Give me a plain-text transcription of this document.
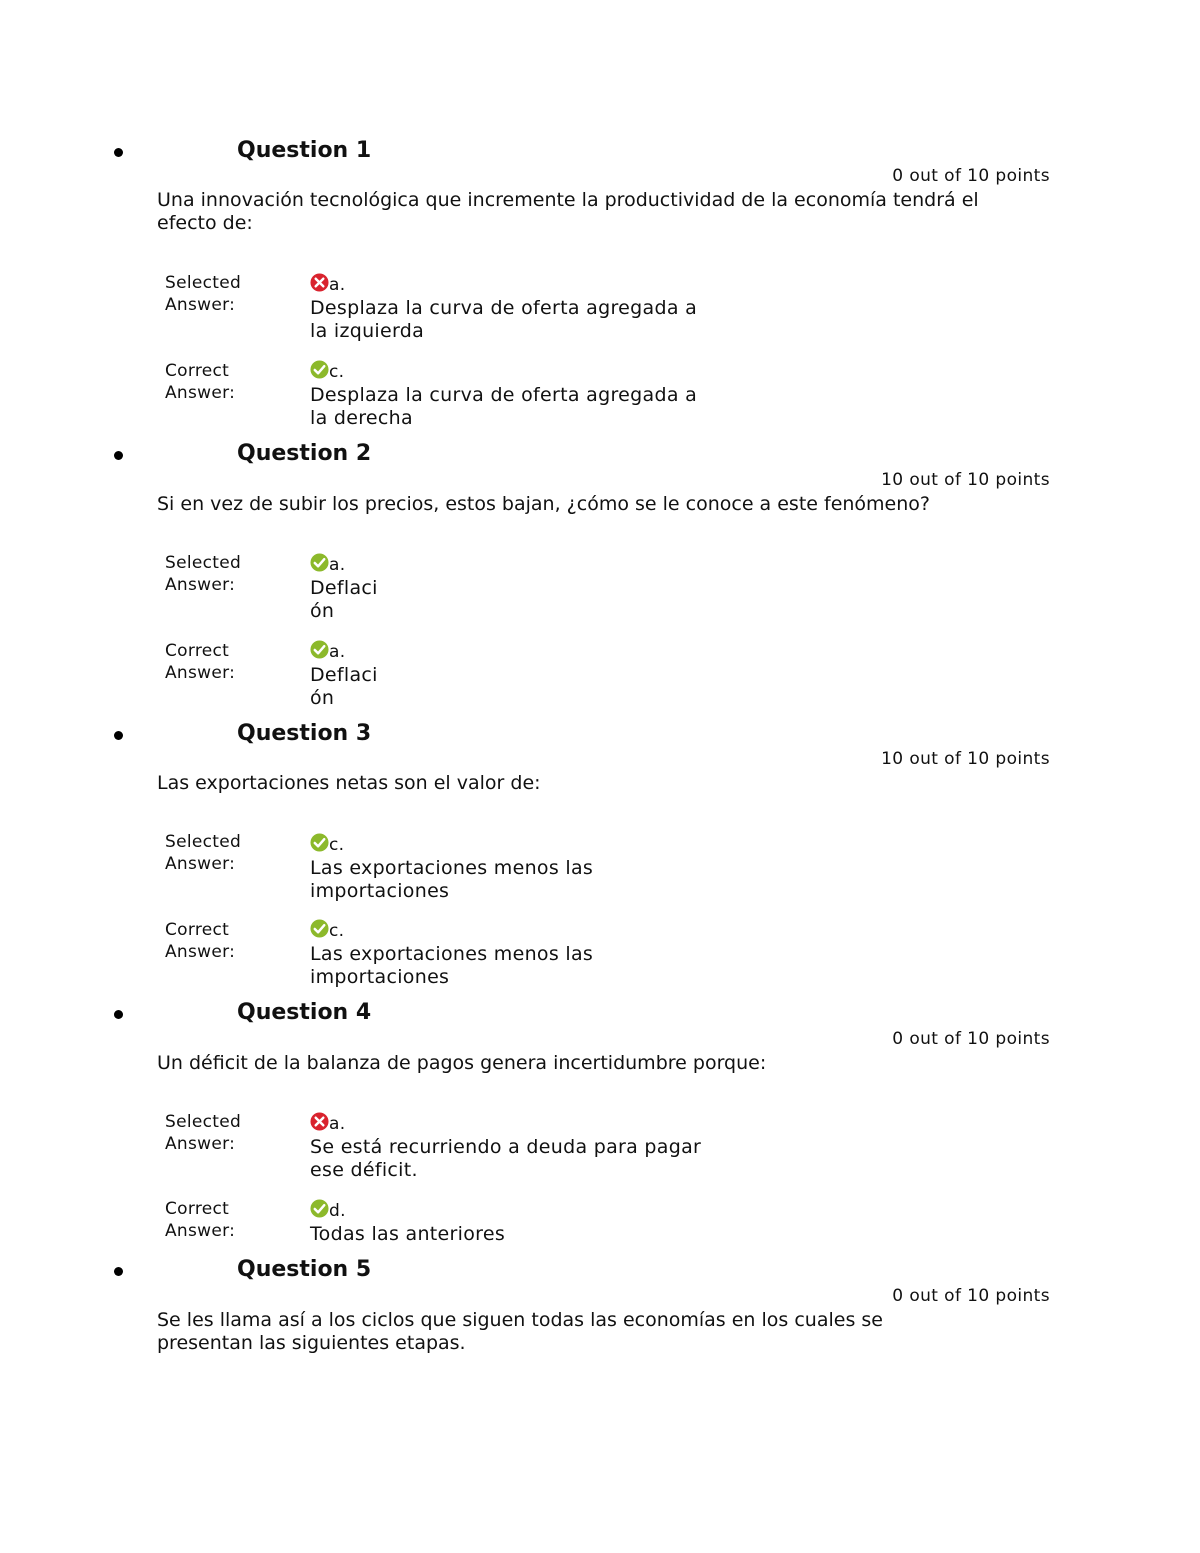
Question 1
0 out of 10 points
Una innovación tecnológica que incremente la productividad de la economía tendrá el efecto de:
Selected
Answer:
a.
Desplaza la curva de oferta agregada a la izquierda
Correct
Answer:
c.
Desplaza la curva de oferta agregada a la derecha
Question 2
10 out of 10 points
Si en vez de subir los precios, estos bajan, ¿cómo se le conoce a este fenómeno?
Selected
Answer:
a.
Deflación
Correct
Answer:
a.
Deflación
Question 3
10 out of 10 points
Las exportaciones netas son el valor de:
Selected
Answer:
c.
Las exportaciones menos las importaciones
Correct
Answer:
c.
Las exportaciones menos las importaciones
Question 4
0 out of 10 points
Un déficit de la balanza de pagos genera incertidumbre porque:
Selected
Answer:
a.
Se está recurriendo a deuda para pagar ese déficit.
Correct
Answer:
d.
Todas las anteriores
Question 5
0 out of 10 points
Se les llama así a los ciclos que siguen todas las economías en los cuales se presentan las siguientes etapas.
